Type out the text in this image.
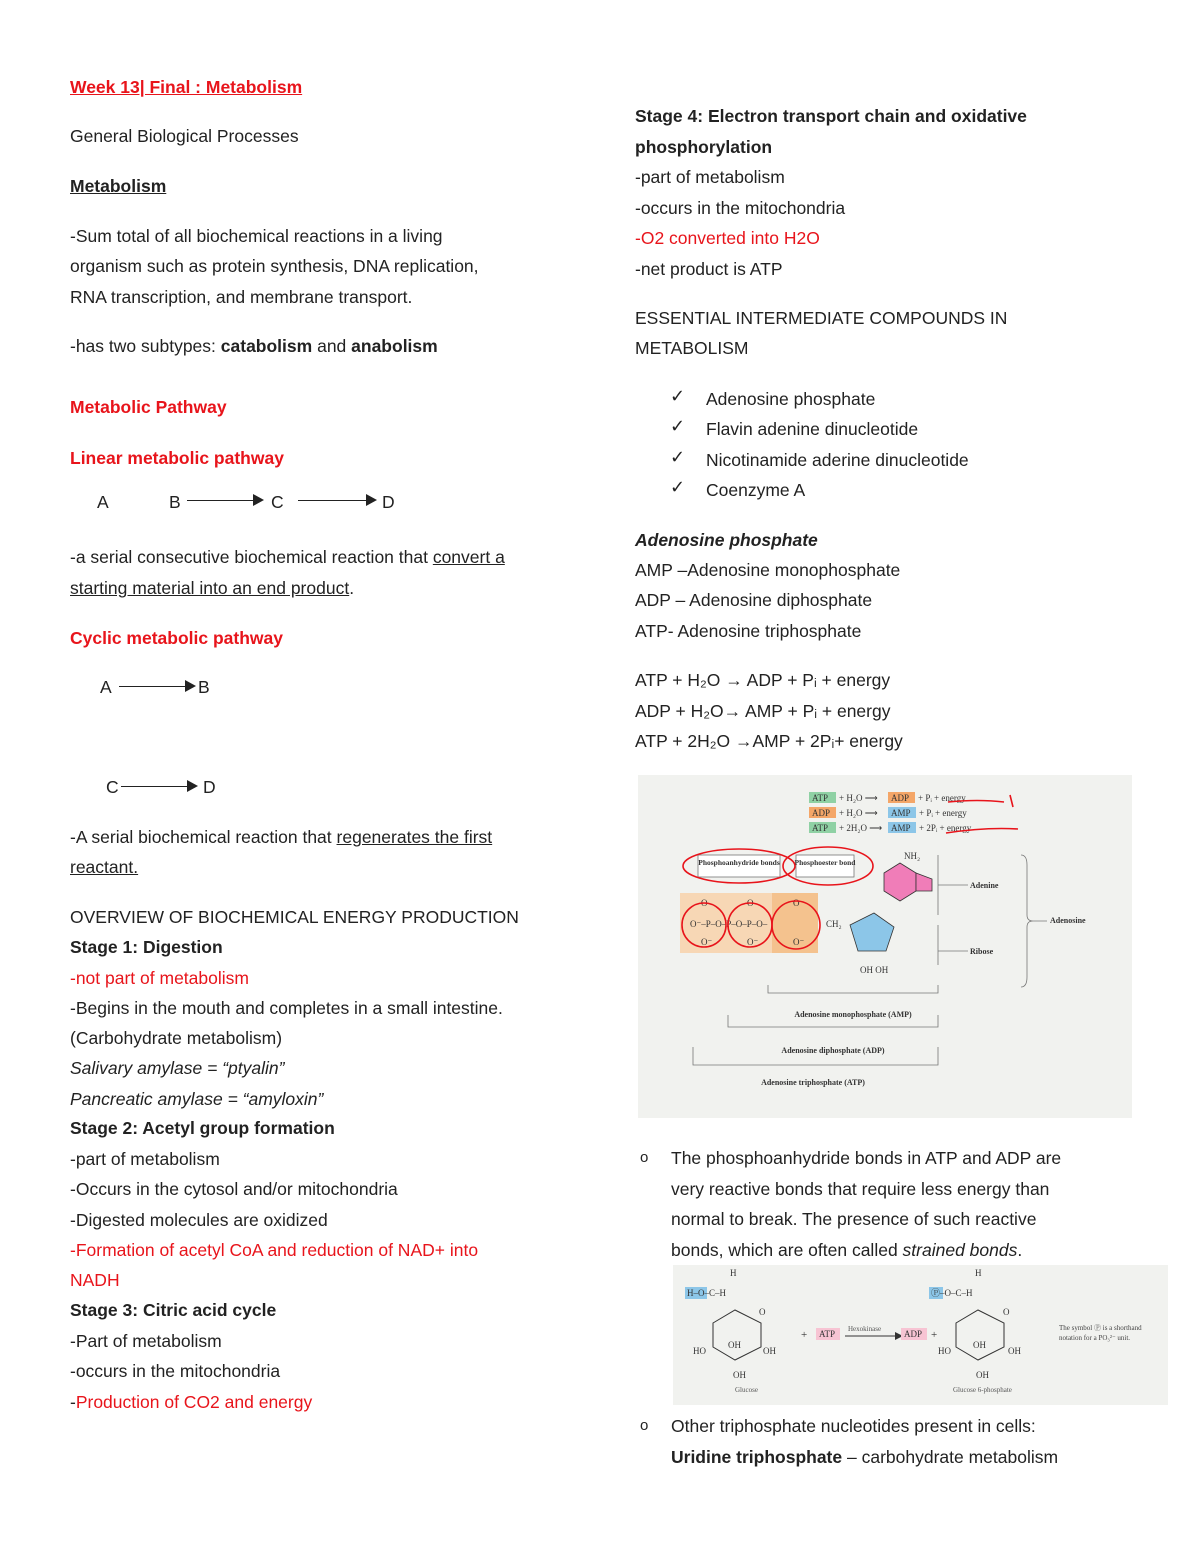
Week 13| Final : Metabolism
General Biological Processes
Metabolism
-Sum total of all biochemical reactions in a living
organism such as protein synthesis, DNA replication,
RNA transcription, and membrane transport.
-has two subtypes: catabolism and anabolism
Metabolic Pathway
Linear metabolic pathway
A	B	C	D
-a serial consecutive biochemical reaction that convert a
starting material into an end product.
Cyclic metabolic pathway
A	B
C	D
-A serial biochemical reaction that regenerates the first
reactant.
OVERVIEW OF BIOCHEMICAL ENERGY PRODUCTION
Stage 1: Digestion
-not part of metabolism
-Begins in the mouth and completes in a small intestine.
(Carbohydrate metabolism)
Salivary amylase = “ptyalin”
Pancreatic amylase = “amyloxin”
Stage 2: Acetyl group formation
-part of metabolism
-Occurs in the cytosol and/or mitochondria
-Digested molecules are oxidized
-Formation of acetyl CoA and reduction of NAD+ into
NADH
Stage 3: Citric acid cycle
-Part of metabolism
-occurs in the mitochondria
-Production of CO2 and energy
Stage 4: Electron transport chain and oxidative
phosphorylation
-part of metabolism
-occurs in the mitochondria
-O2 converted into H2O
-net product is ATP
ESSENTIAL INTERMEDIATE COMPOUNDS IN
METABOLISM
✓ Adenosine phosphate
✓ Flavin adenine dinucleotide
✓ Nicotinamide aderine dinucleotide
✓ Coenzyme A
Adenosine phosphate
AMP –Adenosine monophosphate
ADP – Adenosine diphosphate
ATP- Adenosine triphosphate
ATP + H₂O → ADP + Pᵢ + energy
ADP + H₂O→ AMP + Pᵢ + energy
ATP + 2H₂O →AMP + 2Pᵢ+ energy
ATP + H₂O ⟶ ADP + Pᵢ + energy
ADP + H₂O ⟶ AMP + Pᵢ + energy
ATP + 2H₂O ⟶ AMP + 2Pᵢ + energy
Phosphoanhydride bonds Phosphoester bond
O⁻–P–O–P–O–P–O–
O	O	O
O⁻	O⁻	O⁻
CH₂
OH OH
NH₂
Adenine
Ribose
Adenosine
Adenosine monophosphate (AMP)
Adenosine diphosphate (ADP)
Adenosine triphosphate (ATP)
o The phosphoanhydride bonds in ATP and ADP are
very reactive bonds that require less energy than
normal to break. The presence of such reactive
bonds, which are often called strained bonds.
H
H–O–C–H
O
OH
HO	OH
OH
Glucose
+ ATP Hexokinase	ADP +
H
Ⓟ–O–C–H
O
OH
HO	OH
OH
Glucose 6-phosphate
The symbol Ⓟ is a shorthand notation for a PO₃²⁻ unit.
o Other triphosphate nucleotides present in cells:
Uridine triphosphate – carbohydrate metabolism
